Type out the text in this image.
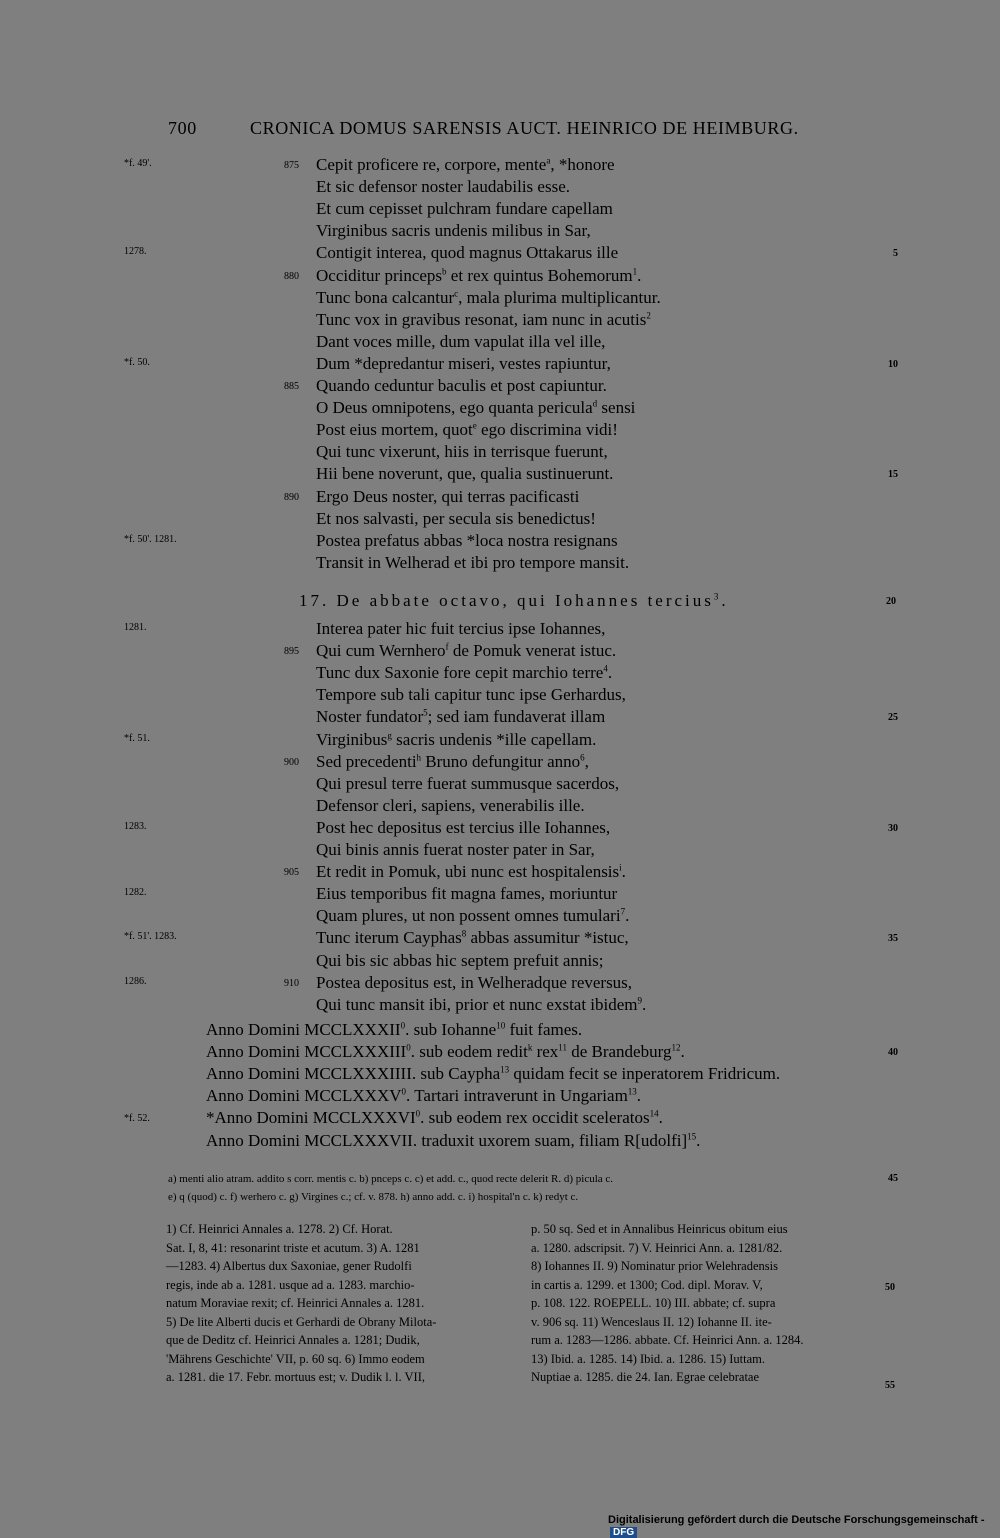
700	CRONICA DOMUS SARENSIS AUCT. HEINRICO DE HEIMBURG.
*f. 49'.	875 Cepit proficere re, corpore, mente$^a$, *honore
Et sic defensor noster laudabilis esse.
Et cum cepisset pulchram fundare capellam
Virginibus sacris undenis milibus in Sar,
1278.	Contigit interea, quod magnus Ottakarus ille	5
880 Occiditur princeps$^b$ et rex quintus Bohemorum$^1$.
Tunc bona calcantur$^c$, mala plurima multiplicantur.
Tunc vox in gravibus resonat, iam nunc in acutis$^2$
Dant voces mille, dum vapulat illa vel ille,
*f. 50.	Dum *depredantur miseri, vestes rapiuntur,	10
885 Quando ceduntur baculis et post capiuntur.
O Deus omnipotens, ego quanta pericula$^d$ sensi
Post eius mortem, quot$^e$ ego discrimina vidi!
Qui tunc vixerunt, hiis in terrisque fuerunt,
Hii bene noverunt, que, qualia sustinuerunt.	15
890 Ergo Deus noster, qui terras pacificasti
Et nos salvasti, per secula sis benedictus!
*f. 50'. 1281.	Postea prefatus abbas *loca nostra resignans
Transit in Welherad et ibi pro tempore mansit.
17. De abbate octavo, qui Iohannes tercius$^3$.	20
1281.	Interea pater hic fuit tercius ipse Iohannes,
895 Qui cum Wernhero$^f$ de Pomuk venerat istuc.
Tunc dux Saxonie fore cepit marchio terre$^4$.
Tempore sub tali capitur tunc ipse Gerhardus,
Noster fundator$^5$; sed iam fundaverat illam	25
*f. 51.	Virginibus$^g$ sacris undenis *ille capellam.
900 Sed precedenti$^h$ Bruno defungitur anno$^6$,
Qui presul terre fuerat summusque sacerdos,
Defensor cleri, sapiens, venerabilis ille.
1283.	Post hec depositus est tercius ille Iohannes,	30
Qui binis annis fuerat noster pater in Sar,
905 Et redit in Pomuk, ubi nunc est hospitalensis$^i$.
1282.	Eius temporibus fit magna fames, moriuntur
Quam plures, ut non possent omnes tumulari$^7$.
*f. 51'. 1283.	Tunc iterum Cayphas$^8$ abbas assumitur *istuc,	35
Qui bis sic abbas hic septem prefuit annis;
1286.	910 Postea depositus est, in Welheradque reversus,
Qui tunc mansit ibi, prior et nunc exstat ibidem$^9$.
Anno Domini MCCLXXXII$^0$. sub Iohanne$^{10}$ fuit fames.
Anno Domini MCCLXXXIII$^0$. sub eodem redit$^k$ rex$^{11}$ de Brandeburg$^{12}$.	40
Anno Domini MCCLXXXIIII. sub Caypha$^{13}$ quidam fecit se inperatorem Fridricum.
Anno Domini MCCLXXXV$^0$. Tartari intraverunt in Ungariam$^{13}$.
*f. 52.	*Anno Domini MCCLXXXVI$^0$. sub eodem rex occidit sceleratos$^{14}$.
Anno Domini MCCLXXXVII. traduxit uxorem suam, filiam R[udolfi]$^{15}$.
a) menti alio atram. addito s corr. mentis c. b) pnceps c. c) et add. c., quod recte delerit R. d) picula c.	45
e) q (quod) c. f) werhero c. g) Virgines c.; cf. v. 878. h) anno add. c. i) hospital'n c. k) redyt c.
1) Cf. Heinrici Annales a. 1278. 2) Cf. Horat.
Sat. I, 8, 41: resonarint triste et acutum. 3) A. 1281
—1283. 4) Albertus dux Saxoniae, gener Rudolfi
regis, inde ab a. 1281. usque ad a. 1283. marchio-
natum Moraviae rexit; cf. Heinrici Annales a. 1281.
5) De lite Alberti ducis et Gerhardi de Obrany Milota-
que de Deditz cf. Heinrici Annales a. 1281; Dudik,
'Mährens Geschichte' VII, p. 60 sq. 6) Immo eodem
a. 1281. die 17. Febr. mortuus est; v. Dudik l. l. VII,
p. 50 sq. Sed et in Annalibus Heinricus obitum eius
a. 1280. adscripsit. 7) V. Heinrici Ann. a. 1281/82.
8) Iohannes II. 9) Nominatur prior Welehradensis
in cartis a. 1299. et 1300; Cod. dipl. Morav. V,
p. 108. 122. ROEPELL. 10) III. abbate; cf. supra
v. 906 sq. 11) Wenceslaus II. 12) Iohanne II. ite-
rum a. 1283—1286. abbate. Cf. Heinrici Ann. a. 1284.
13) Ibid. a. 1285. 14) Ibid. a. 1286. 15) Iuttam.
Nuptiae a. 1285. die 24. Ian. Egrae celebratae
50
55
Digitalisierung gefördert durch die Deutsche Forschungsgemeinschaft -DFG
